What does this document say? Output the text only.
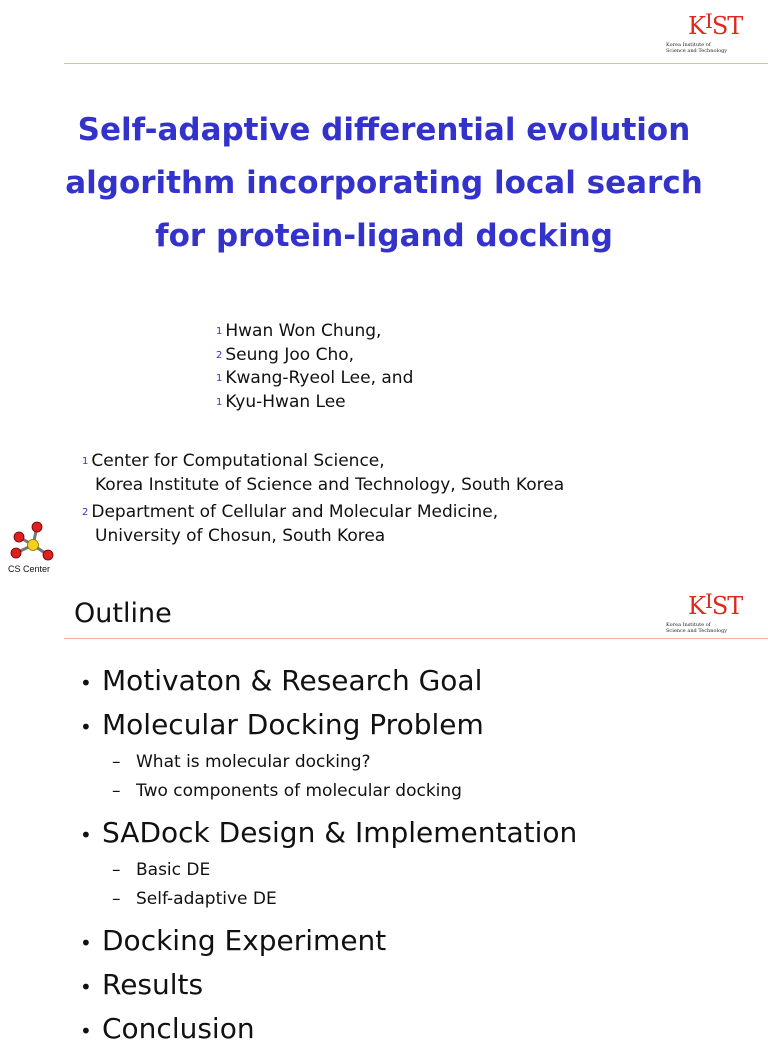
$K^IST$
Korea Institute of
Science and Technology
Self-adaptive differential evolution
algorithm incorporating local search
for protein-ligand docking
$^1$ Hwan Won Chung,
$^2$ Seung Joo Cho,
$^1$ Kwang-Ryeol Lee, and
$^1$ Kyu-Hwan Lee
$^1$ Center for Computational Science,
Korea Institute of Science and Technology, South Korea
$^2$ Department of Cellular and Molecular Medicine,
University of Chosun, South Korea
CS Center
Outline	$K^IST$
Korea Institute of
Science and Technology
• Motivaton & Research Goal
• Molecular Docking Problem
– What is molecular docking?
– Two components of molecular docking
• SADock Design & Implementation
– Basic DE
– Self-adaptive DE
• Docking Experiment
• Results
• Conclusion
